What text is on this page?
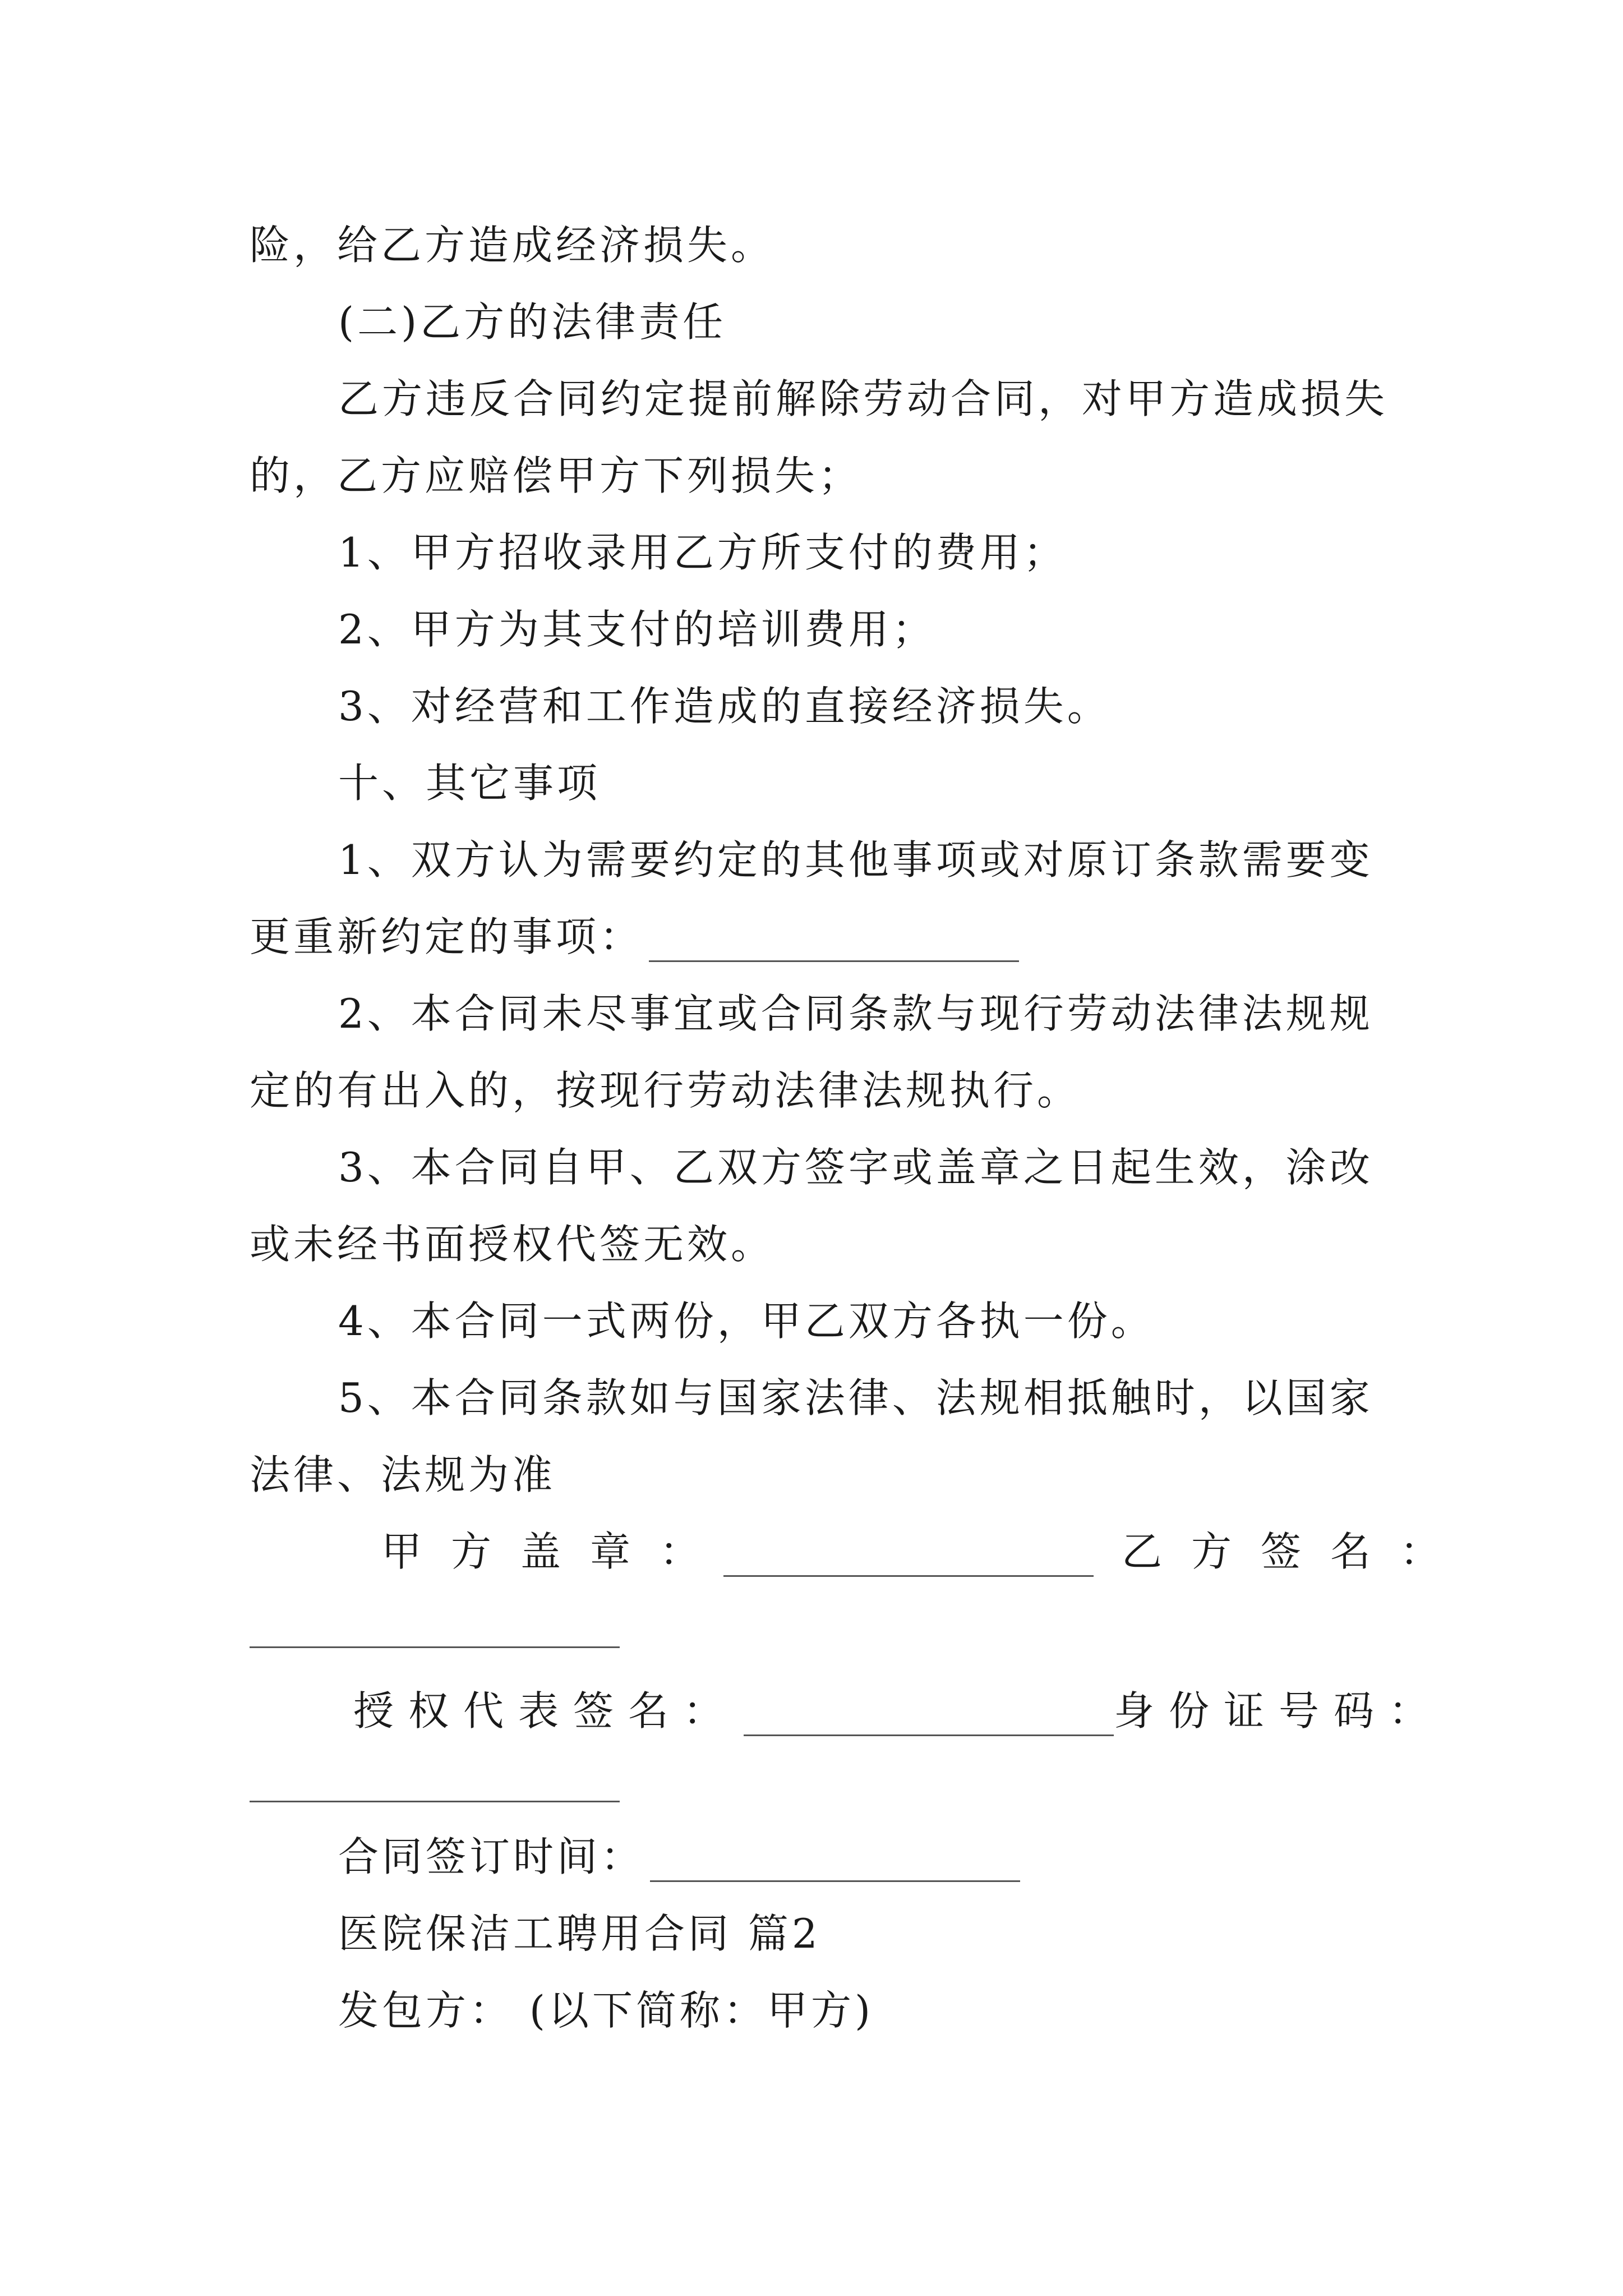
险，给乙方造成经济损失。
(二)乙方的法律责任
乙方违反合同约定提前解除劳动合同，对甲方造成损失
的，乙方应赔偿甲方下列损失；
1、甲方招收录用乙方所支付的费用；
2、甲方为其支付的培训费用；
3、对经营和工作造成的直接经济损失。
十、其它事项
1、双方认为需要约定的其他事项或对原订条款需要变
更重新约定的事项：
2、本合同未尽事宜或合同条款与现行劳动法律法规规
定的有出入的，按现行劳动法律法规执行。
3、本合同自甲、乙双方签字或盖章之日起生效，涂改
或未经书面授权代签无效。
4、本合同一式两份，甲乙双方各执一份。
5、本合同条款如与国家法律、法规相抵触时，以国家
法律、法规为准
甲方盖章：	乙方签名：
授权代表签名：	身份证号码：
合同签订时间：
医院保洁工聘用合同 篇2
发包方： (以下简称：甲方)
